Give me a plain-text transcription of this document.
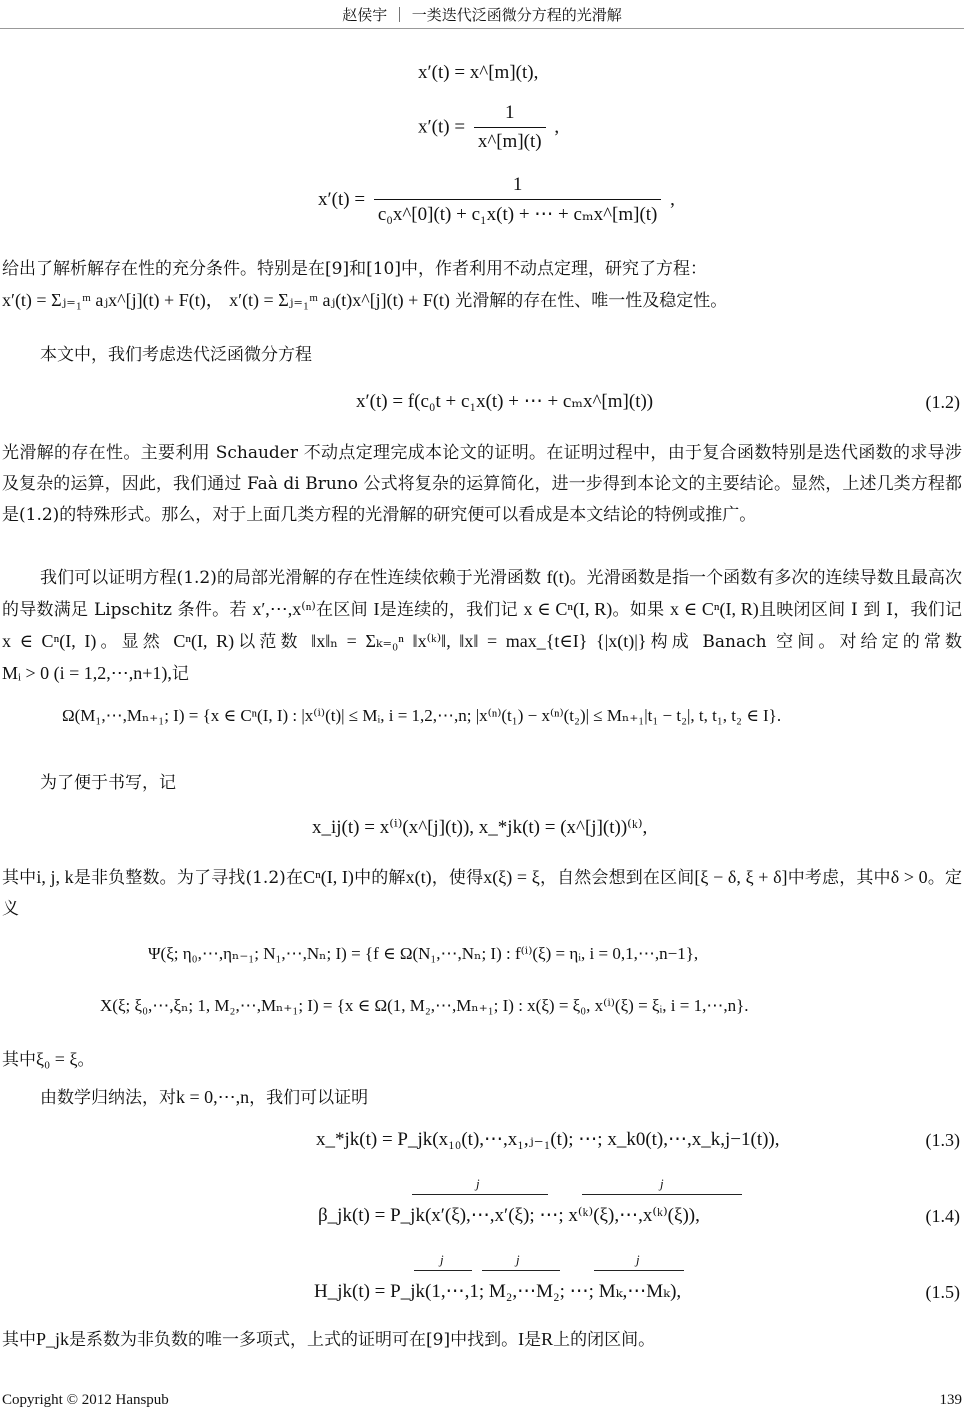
赵侯宇 ｜ 一类迭代泛函微分方程的光滑解
x′(t) = x^[m](t),
$x'(t) = \frac{1}{x\^{}[m](t)}$ ,
$x'(t) = \frac{1}{\text{c₀x\textasciicircum{}[0](t) + c₁x(t) + ⋯ + cₘx\textasciicircum{}[m](t)}}$ ,
给出了解析解存在性的充分条件。特别是在[9]和[10]中，作者利用不动点定理，研究了方程：
x′(t) = Σⱼ₌₁ᵐ aⱼx^[j](t) + F(t)， x′(t) = Σⱼ₌₁ᵐ aⱼ(t)x^[j](t) + F(t) 光滑解的存在性、唯一性及稳定性。
本文中，我们考虑迭代泛函微分方程
x′(t) = f(c₀t + c₁x(t) + ⋯ + cₘx^[m](t))	(1.2)
光滑解的存在性。主要利用 Schauder 不动点定理完成本论文的证明。在证明过程中，由于复合函数特别是迭代函数的求导涉及复杂的运算，因此，我们通过 Faà di Bruno 公式将复杂的运算简化，进一步得到本论文的主要结论。显然，上述几类方程都是(1.2)的特殊形式。那么，对于上面几类方程的光滑解的研究便可以看成是本文结论的特例或推广。
我们可以证明方程(1.2)的局部光滑解的存在性连续依赖于光滑函数 f(t)。光滑函数是指一个函数有多次的连续导数且最高次的导数满足 Lipschitz 条件。若 x′,⋯,x⁽ⁿ⁾在区间 I是连续的，我们记 x ∈ Cⁿ(I, R)。如果 x ∈ Cⁿ(I, R)且映闭区间 I 到 I，我们记 x ∈ Cⁿ(I, I)。显然 Cⁿ(I, R)以范数 ‖x‖ₙ = Σₖ₌₀ⁿ ‖x⁽ᵏ⁾‖, ‖x‖ = max_{t∈I} {|x(t)|}构成 Banach 空间。对给定的常数 Mᵢ > 0 (i = 1,2,⋯,n+1),记
Ω(M₁,⋯,Mₙ₊₁; I) = {x ∈ Cⁿ(I, I) : |x⁽ⁱ⁾(t)| ≤ Mᵢ, i = 1,2,⋯,n; |x⁽ⁿ⁾(t₁) − x⁽ⁿ⁾(t₂)| ≤ Mₙ₊₁|t₁ − t₂|, t, t₁, t₂ ∈ I}.
为了便于书写，记
x_ij(t) = x⁽ⁱ⁾(x^[j](t)), x_*jk(t) = (x^[j](t))⁽ᵏ⁾,
其中i, j, k是非负整数。为了寻找(1.2)在Cⁿ(I, I)中的解x(t)，使得x(ξ) = ξ，自然会想到在区间[ξ − δ, ξ + δ]中考虑，其中δ > 0。定义
Ψ(ξ; η₀,⋯,ηₙ₋₁; N₁,⋯,Nₙ; I) = {f ∈ Ω(N₁,⋯,Nₙ; I) : f⁽ⁱ⁾(ξ) = ηᵢ, i = 0,1,⋯,n−1},
X(ξ; ξ₀,⋯,ξₙ; 1, M₂,⋯,Mₙ₊₁; I) = {x ∈ Ω(1, M₂,⋯,Mₙ₊₁; I) : x(ξ) = ξ₀, x⁽ⁱ⁾(ξ) = ξᵢ, i = 1,⋯,n}.
其中ξ₀ = ξ。
由数学归纳法，对k = 0,⋯,n，我们可以证明
x_*jk(t) = P_jk(x₁₀(t),⋯,x₁,ⱼ₋₁(t); ⋯; x_k0(t),⋯,x_k,j−1(t)),	(1.3)
j	j
β_jk(t) = P_jk(x′(ξ),⋯,x′(ξ); ⋯; x⁽ᵏ⁾(ξ),⋯,x⁽ᵏ⁾(ξ)),	(1.4)
j	j	j
H_jk(t) = P_jk(1,⋯,1; M₂,⋯M₂; ⋯; Mₖ,⋯Mₖ),	(1.5)
其中P_jk是系数为非负数的唯一多项式，上式的证明可在[9]中找到。I是R上的闭区间。
Copyright © 2012 Hanspub	139
